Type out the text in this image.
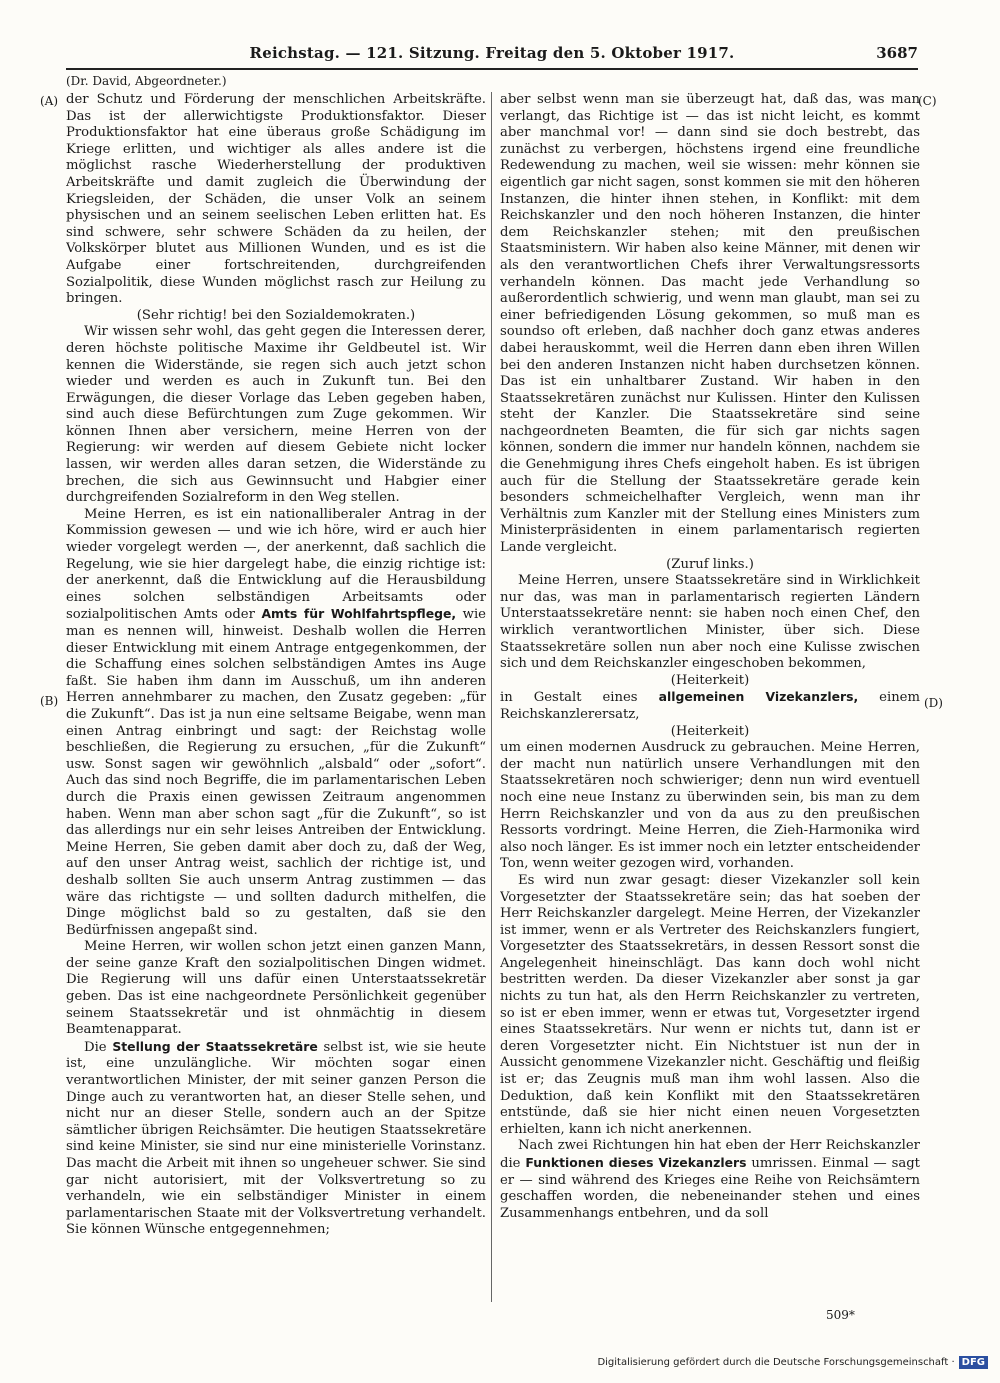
Reichstag. — 121. Sitzung. Freitag den 5. Oktober 1917.	3687
(Dr. David, Abgeordneter.)
(A)
(B)
(C)
(D)

der Schutz und Förderung der menschlichen Arbeitskräfte. Das ist der allerwichtigste Produktionsfaktor. Dieser Produktionsfaktor hat eine überaus große Schädigung im Kriege erlitten, und wichtiger als alles andere ist die möglichst rasche Wiederherstellung der produktiven Arbeitskräfte und damit zugleich die Überwindung der Kriegsleiden, der Schäden, die unser Volk an seinem physischen und an seinem seelischen Leben erlitten hat. Es sind schwere, sehr schwere Schäden da zu heilen, der Volkskörper blutet aus Millionen Wunden, und es ist die Aufgabe einer fortschreitenden, durchgreifenden Sozialpolitik, diese Wunden möglichst rasch zur Heilung zu bringen.

(Sehr richtig! bei den Sozialdemokraten.)

Wir wissen sehr wohl, das geht gegen die Interessen derer, deren höchste politische Maxime ihr Geldbeutel ist. Wir kennen die Widerstände, sie regen sich auch jetzt schon wieder und werden es auch in Zukunft tun. Bei den Erwägungen, die dieser Vorlage das Leben gegeben haben, sind auch diese Befürchtungen zum Zuge gekommen. Wir können Ihnen aber versichern, meine Herren von der Regierung: wir werden auf diesem Gebiete nicht locker lassen, wir werden alles daran setzen, die Widerstände zu brechen, die sich aus Gewinnsucht und Habgier einer durchgreifenden Sozialreform in den Weg stellen.

Meine Herren, es ist ein nationalliberaler Antrag in der Kommission gewesen — und wie ich höre, wird er auch hier wieder vorgelegt werden —, der anerkennt, daß sachlich die Regelung, wie sie hier dargelegt habe, die einzig richtige ist: der anerkennt, daß die Entwicklung auf die Herausbildung eines solchen selbständigen Arbeitsamts oder sozialpolitischen Amts oder Amts für Wohlfahrtspflege, wie man es nennen will, hinweist. Deshalb wollen die Herren dieser Entwicklung mit einem Antrage entgegenkommen, der die Schaffung eines solchen selbständigen Amtes ins Auge faßt. Sie haben ihm dann im Ausschuß, um ihn anderen Herren annehmbarer zu machen, den Zusatz gegeben: „für die Zukunft“. Das ist ja nun eine seltsame Beigabe, wenn man einen Antrag einbringt und sagt: der Reichstag wolle beschließen, die Regierung zu ersuchen, „für die Zukunft“ usw. Sonst sagen wir gewöhnlich „alsbald“ oder „sofort“. Auch das sind noch Begriffe, die im parlamentarischen Leben durch die Praxis einen gewissen Zeitraum angenommen haben. Wenn man aber schon sagt „für die Zukunft“, so ist das allerdings nur ein sehr leises Antreiben der Entwicklung. Meine Herren, Sie geben damit aber doch zu, daß der Weg, auf den unser Antrag weist, sachlich der richtige ist, und deshalb sollten Sie auch unserm Antrag zustimmen — das wäre das richtigste — und sollten dadurch mithelfen, die Dinge möglichst bald so zu gestalten, daß sie den Bedürfnissen angepaßt sind.

Meine Herren, wir wollen schon jetzt einen ganzen Mann, der seine ganze Kraft den sozialpolitischen Dingen widmet. Die Regierung will uns dafür einen Unterstaatssekretär geben. Das ist eine nachgeordnete Persönlichkeit gegenüber seinem Staatssekretär und ist ohnmächtig in diesem Beamtenapparat.

Die Stellung der Staatssekretäre selbst ist, wie sie heute ist, eine unzulängliche. Wir möchten sogar einen verantwortlichen Minister, der mit seiner ganzen Person die Dinge auch zu verantworten hat, an dieser Stelle sehen, und nicht nur an dieser Stelle, sondern auch an der Spitze sämtlicher übrigen Reichsämter. Die heutigen Staatssekretäre sind keine Minister, sie sind nur eine ministerielle Vorinstanz. Das macht die Arbeit mit ihnen so ungeheuer schwer. Sie sind gar nicht autorisiert, mit der Volksvertretung so zu verhandeln, wie ein selbständiger Minister in einem parlamentarischen Staate mit der Volksvertretung verhandelt. Sie können Wünsche entgegennehmen;

aber selbst wenn man sie überzeugt hat, daß das, was man verlangt, das Richtige ist — das ist nicht leicht, es kommt aber manchmal vor! — dann sind sie doch bestrebt, das zunächst zu verbergen, höchstens irgend eine freundliche Redewendung zu machen, weil sie wissen: mehr können sie eigentlich gar nicht sagen, sonst kommen sie mit den höheren Instanzen, die hinter ihnen stehen, in Konflikt: mit dem Reichskanzler und den noch höheren Instanzen, die hinter dem Reichskanzler stehen; mit den preußischen Staatsministern. Wir haben also keine Männer, mit denen wir als den verantwortlichen Chefs ihrer Verwaltungsressorts verhandeln können. Das macht jede Verhandlung so außerordentlich schwierig, und wenn man glaubt, man sei zu einer befriedigenden Lösung gekommen, so muß man es soundso oft erleben, daß nachher doch ganz etwas anderes dabei herauskommt, weil die Herren dann eben ihren Willen bei den anderen Instanzen nicht haben durchsetzen können. Das ist ein unhaltbarer Zustand. Wir haben in den Staatssekretären zunächst nur Kulissen. Hinter den Kulissen steht der Kanzler. Die Staatssekretäre sind seine nachgeordneten Beamten, die für sich gar nichts sagen können, sondern die immer nur handeln können, nachdem sie die Genehmigung ihres Chefs eingeholt haben. Es ist übrigen auch für die Stellung der Staatssekretäre gerade kein besonders schmeichelhafter Vergleich, wenn man ihr Verhältnis zum Kanzler mit der Stellung eines Ministers zum Ministerpräsidenten in einem parlamentarisch regierten Lande vergleicht.

(Zuruf links.)

Meine Herren, unsere Staatssekretäre sind in Wirklichkeit nur das, was man in parlamentarisch regierten Ländern Unterstaatssekretäre nennt: sie haben noch einen Chef, den wirklich verantwortlichen Minister, über sich. Diese Staatssekretäre sollen nun aber noch eine Kulisse zwischen sich und dem Reichskanzler eingeschoben bekommen,

(Heiterkeit)

in Gestalt eines allgemeinen Vizekanzlers, einem Reichskanzlerersatz,

(Heiterkeit)

um einen modernen Ausdruck zu gebrauchen. Meine Herren, der macht nun natürlich unsere Verhandlungen mit den Staatssekretären noch schwieriger; denn nun wird eventuell noch eine neue Instanz zu überwinden sein, bis man zu dem Herrn Reichskanzler und von da aus zu den preußischen Ressorts vordringt. Meine Herren, die Zieh-Harmonika wird also noch länger. Es ist immer noch ein letzter entscheidender Ton, wenn weiter gezogen wird, vorhanden.

Es wird nun zwar gesagt: dieser Vizekanzler soll kein Vorgesetzter der Staatssekretäre sein; das hat soeben der Herr Reichskanzler dargelegt. Meine Herren, der Vizekanzler ist immer, wenn er als Vertreter des Reichskanzlers fungiert, Vorgesetzter des Staatssekretärs, in dessen Ressort sonst die Angelegenheit hineinschlägt. Das kann doch wohl nicht bestritten werden. Da dieser Vizekanzler aber sonst ja gar nichts zu tun hat, als den Herrn Reichskanzler zu vertreten, so ist er eben immer, wenn er etwas tut, Vorgesetzter irgend eines Staatssekretärs. Nur wenn er nichts tut, dann ist er deren Vorgesetzter nicht. Ein Nichtstuer ist nun der in Aussicht genommene Vizekanzler nicht. Geschäftig und fleißig ist er; das Zeugnis muß man ihm wohl lassen. Also die Deduktion, daß kein Konflikt mit den Staatssekretären entstünde, daß sie hier nicht einen neuen Vorgesetzten erhielten, kann ich nicht anerkennen.

Nach zwei Richtungen hin hat eben der Herr Reichskanzler die Funktionen dieses Vizekanzlers umrissen. Einmal — sagt er — sind während des Krieges eine Reihe von Reichsämtern geschaffen worden, die nebeneinander stehen und eines Zusammenhangs entbehren, und da soll

509*
Digitalisierung gefördert durch die Deutsche Forschungsgemeinschaft · DFG
